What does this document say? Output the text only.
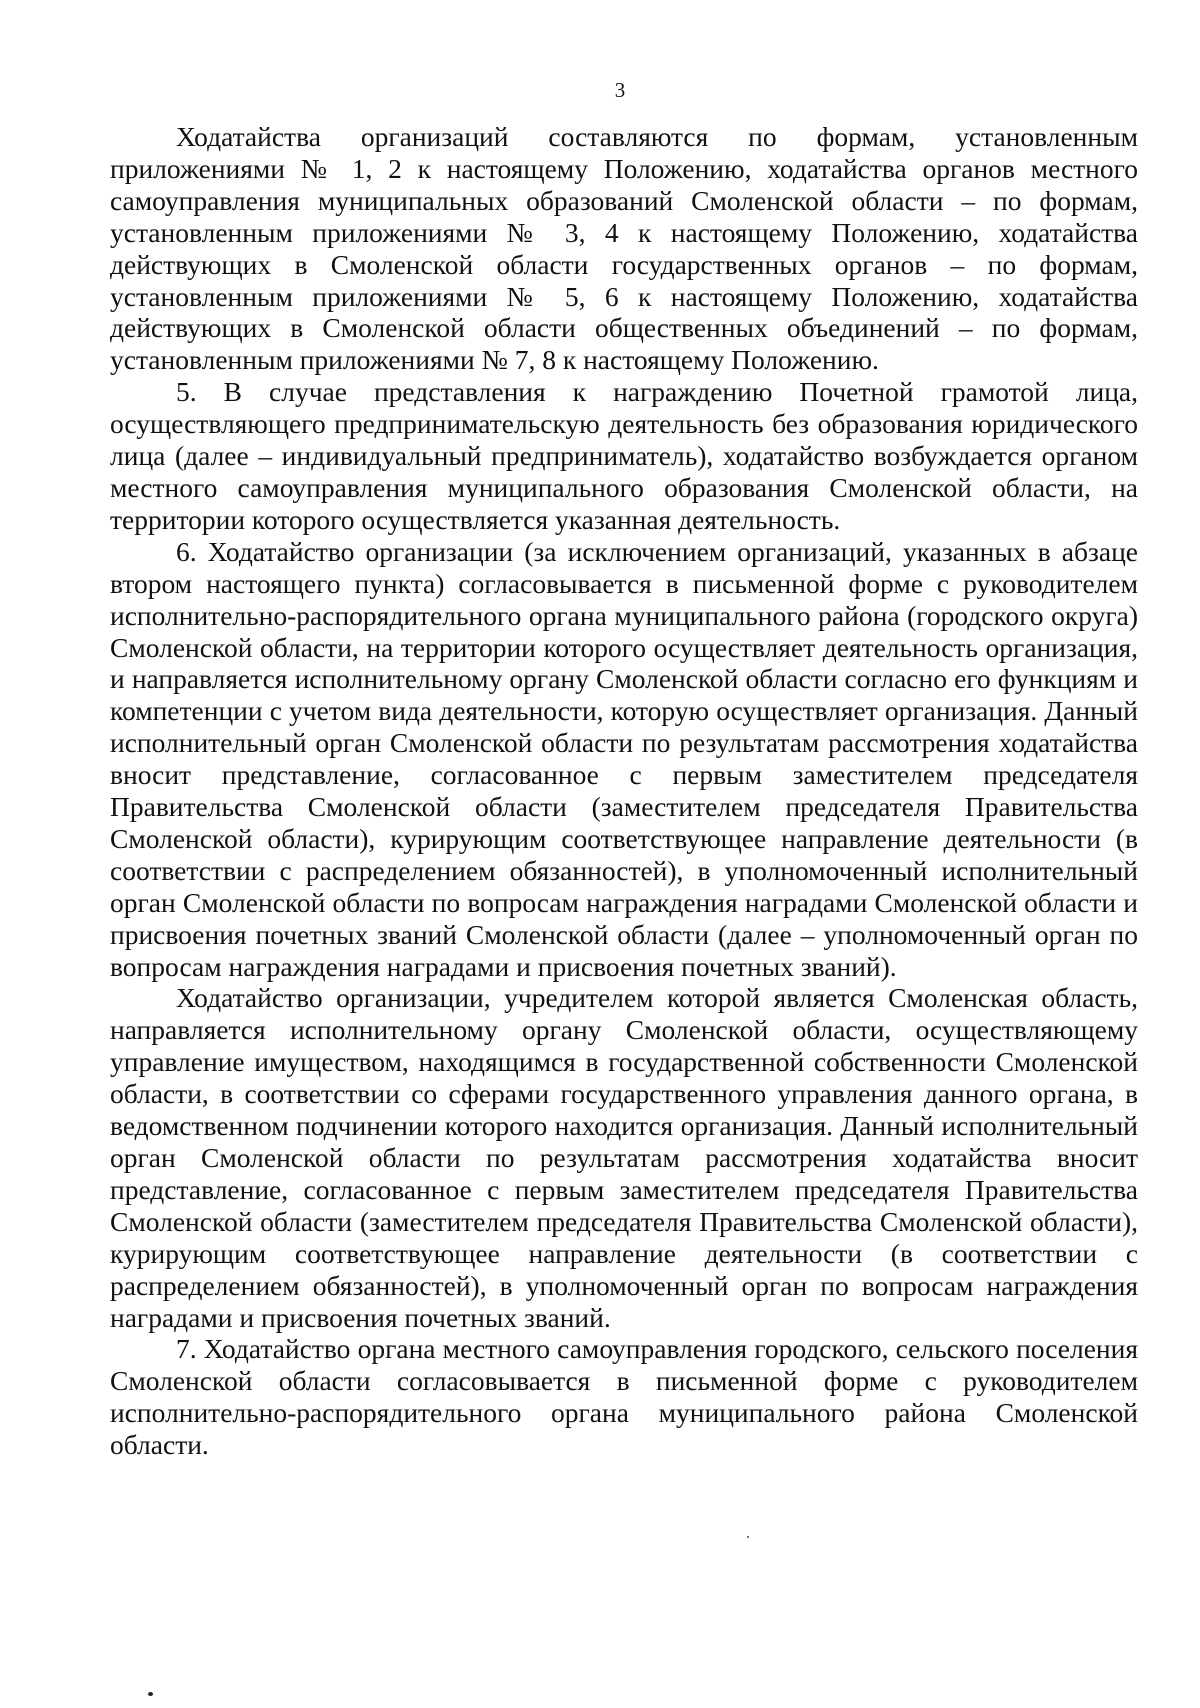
3

Ходатайства организаций составляются по формам, установленным приложениями № 1, 2 к настоящему Положению, ходатайства органов местного самоуправления муниципальных образований Смоленской области – по формам, установленным приложениями № 3, 4 к настоящему Положению, ходатайства действующих в Смоленской области государственных органов – по формам, установленным приложениями № 5, 6 к настоящему Положению, ходатайства действующих в Смоленской области общественных объединений – по формам, установленным приложениями № 7, 8 к настоящему Положению.

5. В случае представления к награждению Почетной грамотой лица, осуществляющего предпринимательскую деятельность без образования юридического лица (далее – индивидуальный предприниматель), ходатайство возбуждается органом местного самоуправления муниципального образования Смоленской области, на территории которого осуществляется указанная деятельность.

6. Ходатайство организации (за исключением организаций, указанных в абзаце втором настоящего пункта) согласовывается в письменной форме с руководителем исполнительно-распорядительного органа муниципального района (городского округа) Смоленской области, на территории которого осуществляет деятельность организация, и направляется исполнительному органу Смоленской области согласно его функциям и компетенции с учетом вида деятельности, которую осуществляет организация. Данный исполнительный орган Смоленской области по результатам рассмотрения ходатайства вносит представление, согласованное с первым заместителем председателя Правительства Смоленской области (заместителем председателя Правительства Смоленской области), курирующим соответствующее направление деятельности (в соответствии с распределением обязанностей), в уполномоченный исполнительный орган Смоленской области по вопросам награждения наградами Смоленской области и присвоения почетных званий Смоленской области (далее – уполномоченный орган по вопросам награждения наградами и присвоения почетных званий).

Ходатайство организации, учредителем которой является Смоленская область, направляется исполнительному органу Смоленской области, осуществляющему управление имуществом, находящимся в государственной собственности Смоленской области, в соответствии со сферами государственного управления данного органа, в ведомственном подчинении которого находится организация. Данный исполнительный орган Смоленской области по результатам рассмотрения ходатайства вносит представление, согласованное с первым заместителем председателя Правительства Смоленской области (заместителем председателя Правительства Смоленской области), курирующим соответствующее направление деятельности (в соответствии с распределением обязанностей), в уполномоченный орган по вопросам награждения наградами и присвоения почетных званий.

7. Ходатайство органа местного самоуправления городского, сельского поселения Смоленской области согласовывается в письменной форме с руководителем исполнительно-распорядительного органа муниципального района Смоленской области.
